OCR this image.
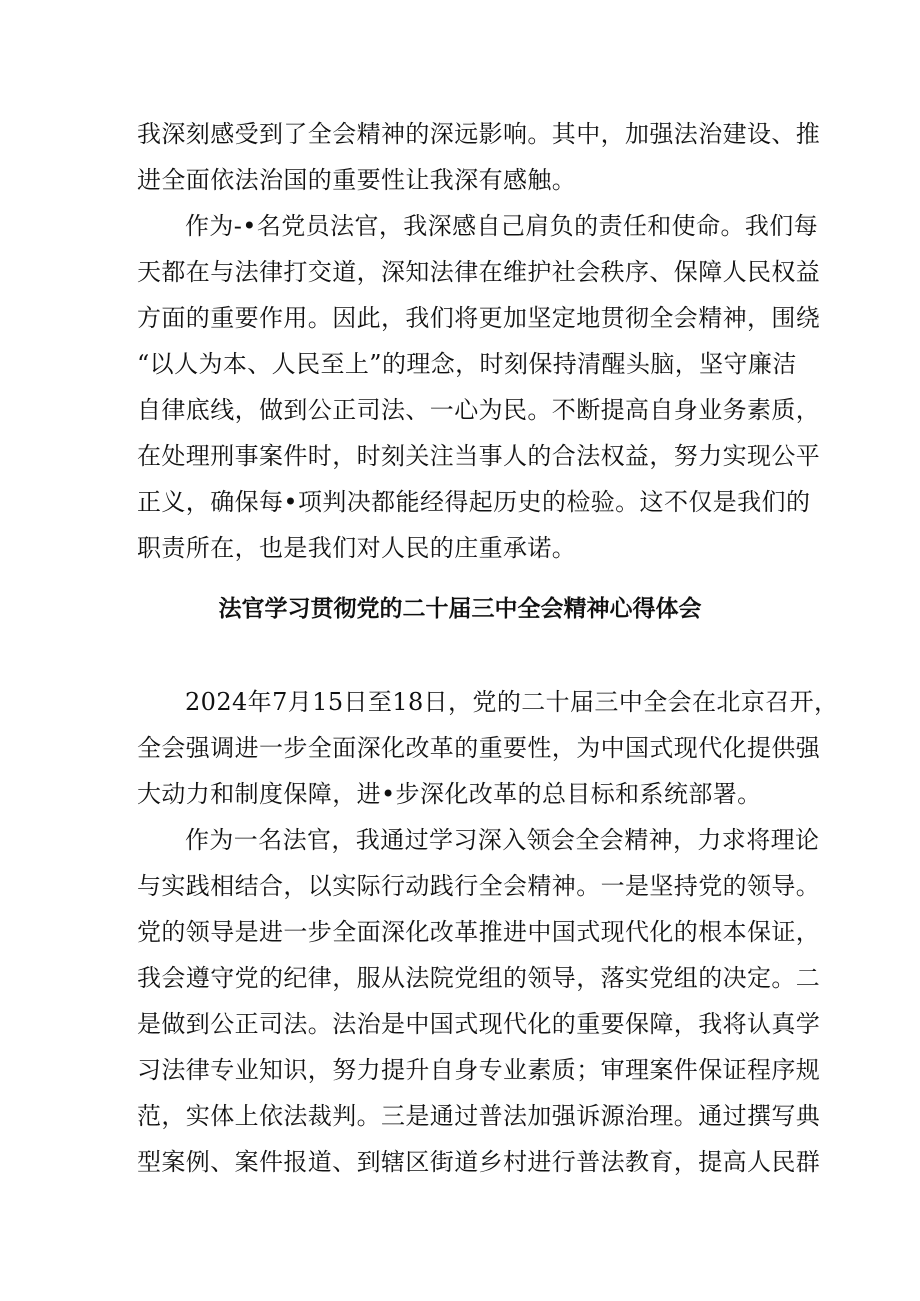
我深刻感受到了全会精神的深远影响。其中，加强法治建设、推
进全面依法治国的重要性让我深有感触。
作为-•名党员法官，我深感自己肩负的责任和使命。我们每
天都在与法律打交道，深知法律在维护社会秩序、保障人民权益
方面的重要作用。因此，我们将更加坚定地贯彻全会精神，围绕
“以人为本、人民至上”的理念，时刻保持清醒头脑，坚守廉洁
自律底线，做到公正司法、一心为民。不断提高自身业务素质，
在处理刑事案件时，时刻关注当事人的合法权益，努力实现公平
正义，确保每•项判决都能经得起历史的检验。这不仅是我们的
职责所在，也是我们对人民的庄重承诺。
法官学习贯彻党的二十届三中全会精神心得体会
2024年7月15日至18日，党的二十届三中全会在北京召开，
全会强调进一步全面深化改革的重要性，为中国式现代化提供强
大动力和制度保障，进•步深化改革的总目标和系统部署。
作为一名法官，我通过学习深入领会全会精神，力求将理论
与实践相结合，以实际行动践行全会精神。一是坚持党的领导。
党的领导是进一步全面深化改革推进中国式现代化的根本保证，
我会遵守党的纪律，服从法院党组的领导，落实党组的决定。二
是做到公正司法。法治是中国式现代化的重要保障，我将认真学
习法律专业知识，努力提升自身专业素质；审理案件保证程序规
范，实体上依法裁判。三是通过普法加强诉源治理。通过撰写典
型案例、案件报道、到辖区街道乡村进行普法教育，提高人民群
